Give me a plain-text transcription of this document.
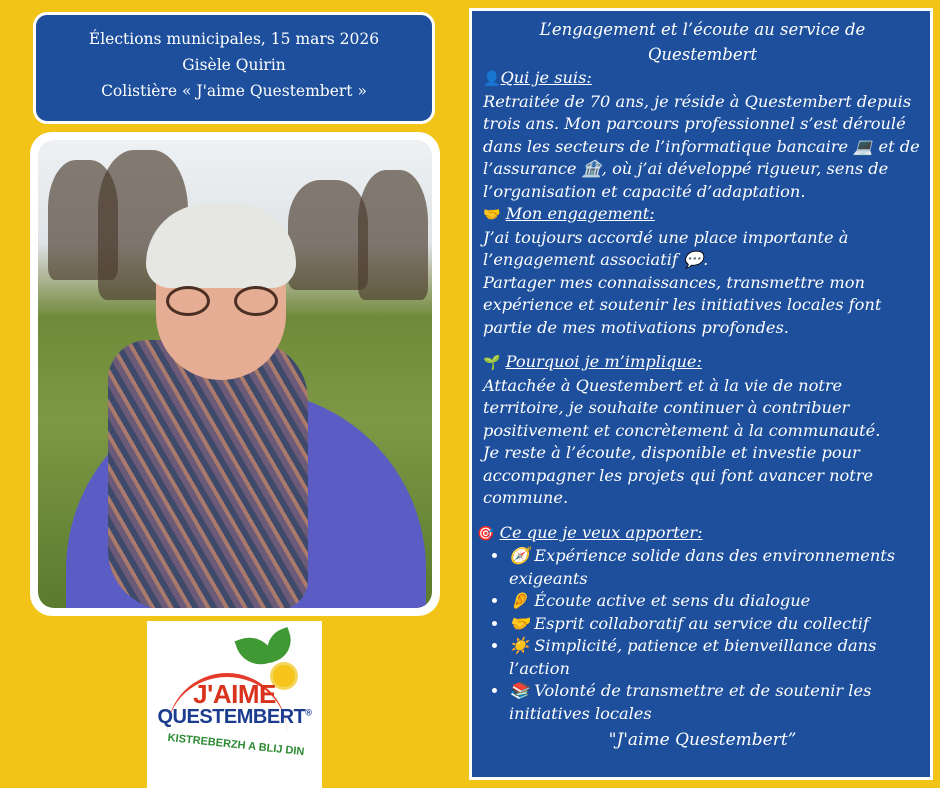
Élections municipales, 15 mars 2026
Gisèle Quirin
Colistière « J'aime Questembert »
J'AIME
QUESTEMBERT®
KISTREBERZH A BLIJ DIN
L’engagement et l’écoute au service de Questembert
👤Qui je suis:

Retraitée de 70 ans, je réside à Questembert depuis trois ans. Mon parcours professionnel s’est déroulé dans les secteurs de l’informatique bancaire 💻 et de l’assurance 🏦, où j’ai développé rigueur, sens de l’organisation et capacité d’adaptation.

🤝 Mon engagement:

J’ai toujours accordé une place importante à l’engagement associatif 💬.

Partager mes connaissances, transmettre mon expérience et soutenir les initiatives locales font partie de mes motivations profondes.

🌱 Pourquoi je m’implique:

Attachée à Questembert et à la vie de notre territoire, je souhaite continuer à contribuer positivement et concrètement à la communauté.

Je reste à l’écoute, disponible et investie pour accompagner les projets qui font avancer notre commune.

🎯 Ce que je veux apporter:
• 🧭 Expérience solide dans des environnements exigeants
• 👂 Écoute active et sens du dialogue
• 🤝 Esprit collaboratif au service du collectif
• ☀️ Simplicité, patience et bienveillance dans l’action
• 📚 Volonté de transmettre et de soutenir les initiatives locales
"J'aime Questembert”
